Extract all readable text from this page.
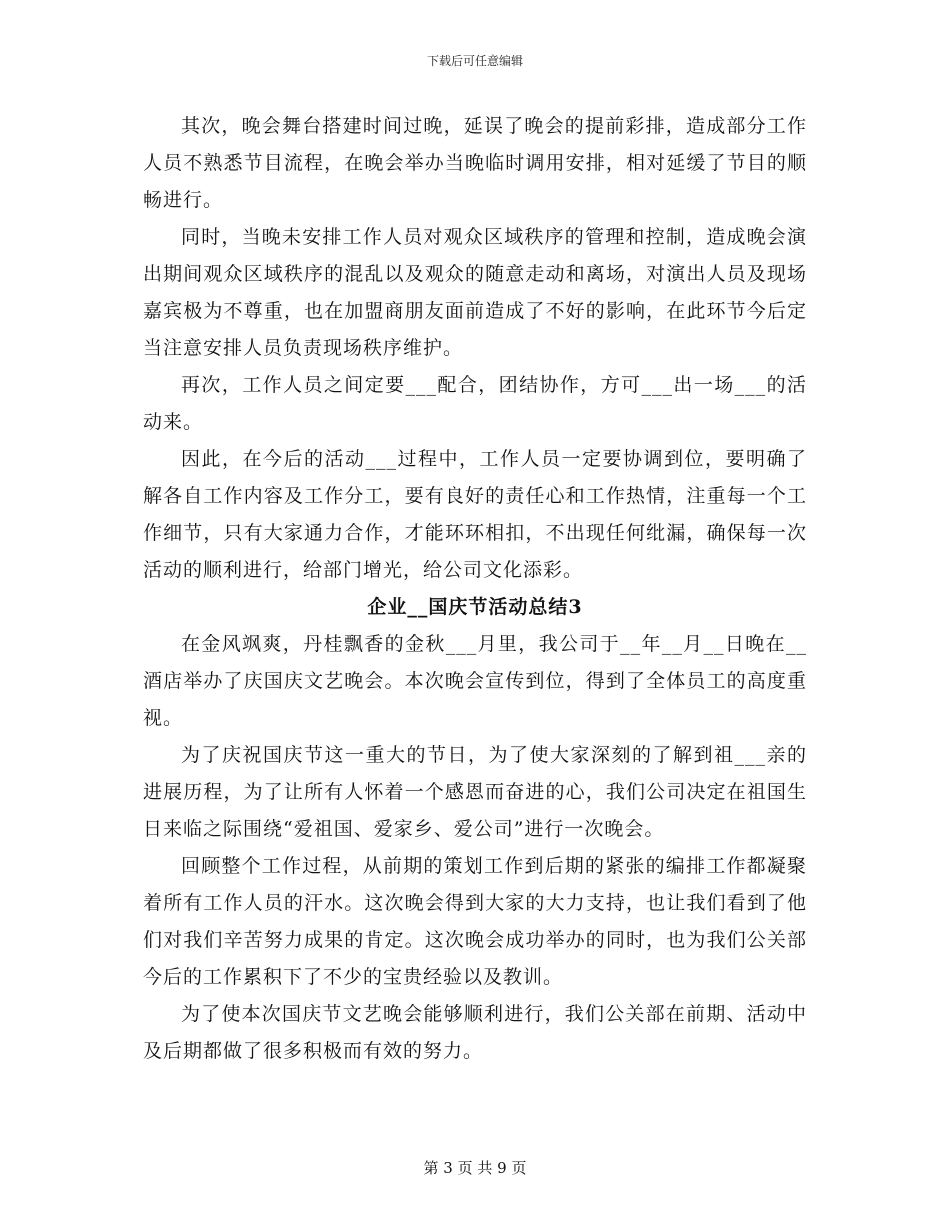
下载后可任意编辑

其次，晚会舞台搭建时间过晚，延误了晚会的提前彩排，造成部分工作人员不熟悉节目流程，在晚会举办当晚临时调用安排，相对延缓了节目的顺畅进行。

同时，当晚未安排工作人员对观众区域秩序的管理和控制，造成晚会演出期间观众区域秩序的混乱以及观众的随意走动和离场，对演出人员及现场嘉宾极为不尊重，也在加盟商朋友面前造成了不好的影响，在此环节今后定当注意安排人员负责现场秩序维护。

再次，工作人员之间定要___配合，团结协作，方可___出一场___的活动来。

因此，在今后的活动___过程中，工作人员一定要协调到位，要明确了解各自工作内容及工作分工，要有良好的责任心和工作热情，注重每一个工作细节，只有大家通力合作，才能环环相扣，不出现任何纰漏，确保每一次活动的顺利进行，给部门增光，给公司文化添彩。

企业__国庆节活动总结3

在金风飒爽，丹桂飘香的金秋___月里，我公司于__年__月__日晚在__酒店举办了庆国庆文艺晚会。本次晚会宣传到位，得到了全体员工的高度重视。

为了庆祝国庆节这一重大的节日，为了使大家深刻的了解到祖___亲的进展历程，为了让所有人怀着一个感恩而奋进的心，我们公司决定在祖国生日来临之际围绕“爱祖国、爱家乡、爱公司”进行一次晚会。

回顾整个工作过程，从前期的策划工作到后期的紧张的编排工作都凝聚着所有工作人员的汗水。这次晚会得到大家的大力支持，也让我们看到了他们对我们辛苦努力成果的肯定。这次晚会成功举办的同时，也为我们公关部今后的工作累积下了不少的宝贵经验以及教训。

为了使本次国庆节文艺晚会能够顺利进行，我们公关部在前期、活动中及后期都做了很多积极而有效的努力。

第 3 页 共 9 页
